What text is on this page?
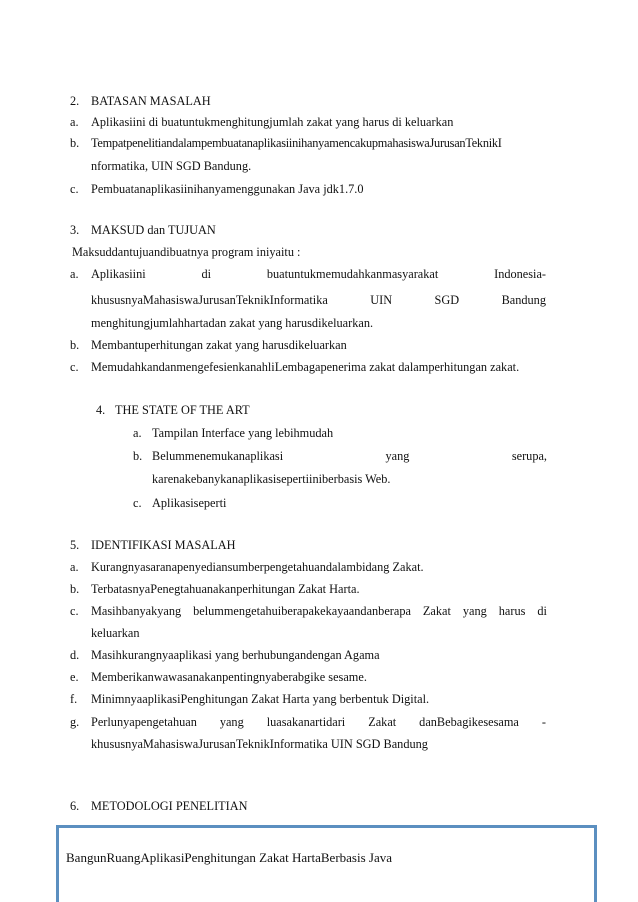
2. BATASAN MASALAH
a. Aplikasiini di buatuntukmenghitungjumlah zakat yang harus di keluarkan
b. TempatpenelitiandalampembuatanaplikasiinihanyamencakupmahasiswaJurusanTeknikI
nformatika, UIN SGD Bandung.
c. Pembuatanaplikasiinihanyamenggunakan Java jdk1.7.0
3. MAKSUD dan TUJUAN
Maksuddantujuandibuatnya program iniyaitu :
a. Aplikasiini	di	buatuntukmemudahkanmasyarakat	Indonesia-
khususnyaMahasiswaJurusanTeknikInformatika	UIN	SGD	Bandung
menghitungjumlahhartadan zakat yang harusdikeluarkan.
b. Membantuperhitungan zakat yang harusdikeluarkan
c. MemudahkandanmengefesienkanahliLembagapenerima zakat dalamperhitungan zakat.
4. THE STATE OF THE ART
a. Tampilan Interface yang lebihmudah
b. Belummenemukanaplikasi	yang	serupa,
karenakebanykanaplikasisepertiiniberbasis Web.
c. Aplikasiseperti
5. IDENTIFIKASI MASALAH
a. Kurangnyasaranapenyediansumberpengetahuandalambidang Zakat.
b. TerbatasnyaPenegtahuanakanperhitungan Zakat Harta.
c. Masihbanyakyang belummengetahuiberapakekayaandanberapa Zakat yang harus di
keluarkan
d. Masihkurangnyaaplikasi yang berhubungandengan Agama
e. Memberikanwawasanakanpentingnyaberabgike sesame.
f. MinimnyaaplikasiPenghitungan Zakat Harta yang berbentuk Digital.
g. Perlunyapengetahuan yang luasakanartidari Zakat danBebagikesesama -
khususnyaMahasiswaJurusanTeknikInformatika UIN SGD Bandung
6. METODOLOGI PENELITIAN
BangunRuangAplikasiPenghitungan Zakat HartaBerbasis Java
